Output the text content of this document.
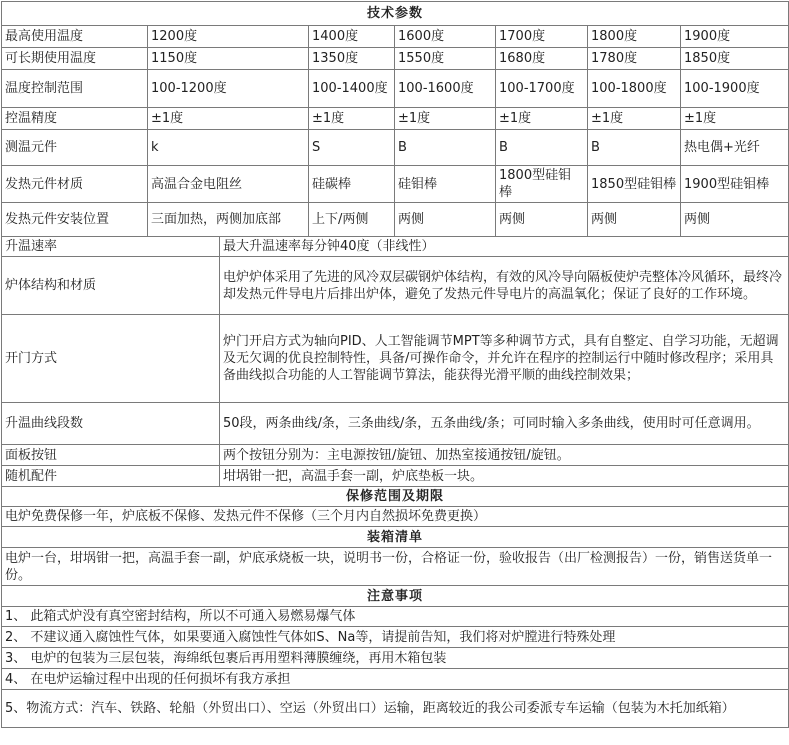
技术参数							
最高使用温度	1200度		1400度	1600度	1700度	1800度	1900度
可长期使用温度	1150度		1350度	1550度	1680度	1780度	1850度
温度控制范围	100-1200度		100-1400度	100-1600度	100-1700度	100-1800度	100-1900度
控温精度	±1度		±1度	±1度	±1度	±1度	±1度
测温元件	k		S	B	B	B	热电偶+光纤
发热元件材质	高温合金电阻丝		硅碳棒	硅钼棒	1800型硅钼棒	1850型硅钼棒	1900型硅钼棒
发热元件安装位置	三面加热，两侧加底部		上下/两侧	两侧	两侧	两侧	两侧
升温速率		最大升温速率每分钟40度（非线性）					
炉体结构和材质		电炉炉体采用了先进的风冷双层碳钢炉体结构，有效的风冷导向隔板使炉壳整体冷风循环，最终冷却发热元件导电片后排出炉体，避免了发热元件导电片的高温氧化；保证了良好的工作环境。					
开门方式		炉门开启方式为轴向PID、人工智能调节MPT等多种调节方式，具有自整定、自学习功能，无超调及无欠调的优良控制特性，具备/可操作命令，并允许在程序的控制运行中随时修改程序；采用具备曲线拟合功能的人工智能调节算法，能获得光滑平顺的曲线控制效果；					
升温曲线段数		50段，两条曲线/条，三条曲线/条，五条曲线/条；可同时输入多条曲线，使用时可任意调用。					
面板按钮		两个按钮分别为：主电源按钮/旋钮、加热室接通按钮/旋钮。					
随机配件		坩埚钳一把，高温手套一副，炉底垫板一块。					
保修范围及期限							
电炉免费保修一年，炉底板不保修、发热元件不保修（三个月内自然损坏免费更换）							
装箱清单							
电炉一台，坩埚钳一把，高温手套一副，炉底承烧板一块，说明书一份，合格证一份，验收报告（出厂检测报告）一份，销售送货单一份。							
注意事项							
1、 此箱式炉没有真空密封结构，所以不可通入易燃易爆气体							
2、 不建议通入腐蚀性气体，如果要通入腐蚀性气体如S、Na等，请提前告知，我们将对炉膛进行特殊处理							
3、 电炉的包装为三层包装，海绵纸包裹后再用塑料薄膜缠绕，再用木箱包装							
4、 在电炉运输过程中出现的任何损坏有我方承担							
5、物流方式：汽车、铁路、轮船（外贸出口）、空运（外贸出口）运输，距离较近的我公司委派专车运输（包装为木托加纸箱）							
